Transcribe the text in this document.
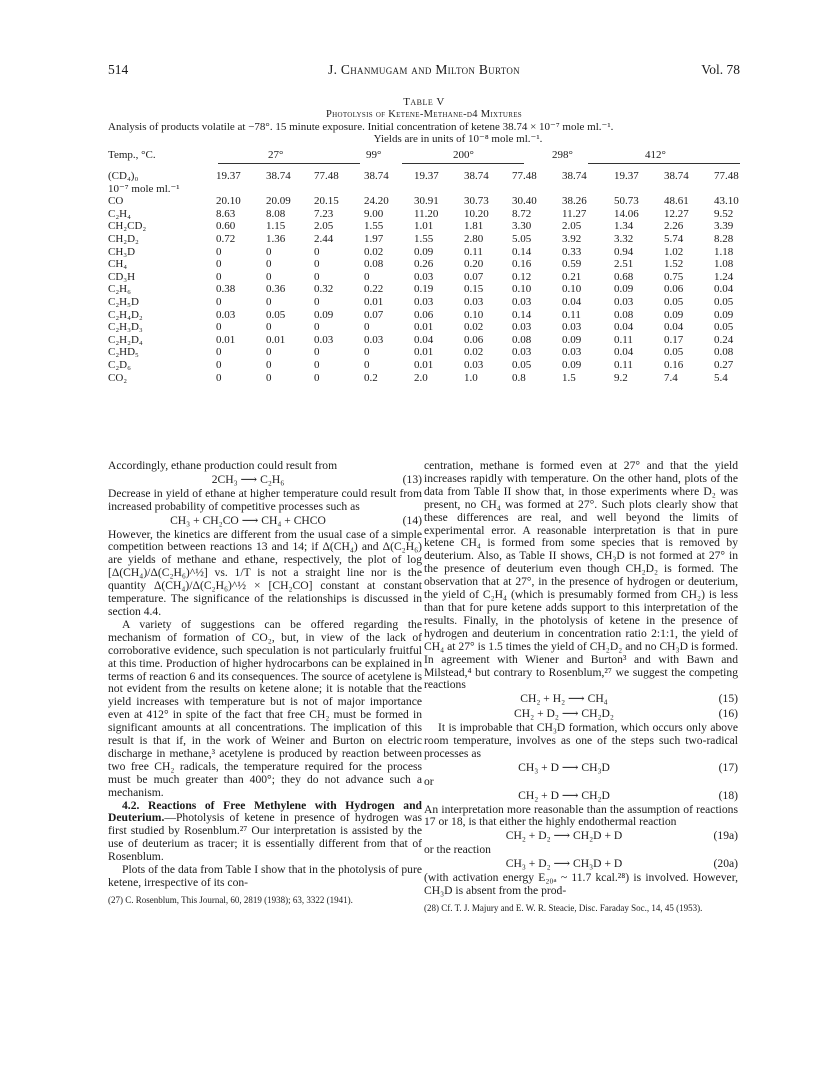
514	J. Chanmugam and Milton Burton	Vol. 78
Table V
Photolysis of Ketene-Methane-d4 Mixtures
Analysis of products volatile at −78°. 15 minute exposure. Initial concentration of ketene 38.74 × 10⁻⁷ mole ml.⁻¹.
Yields are in units of 10⁻⁸ mole ml.⁻¹.
Temp., °C.	27°	99°	200°	298°	412°
(CD₄)₀	19.37	38.74	77.48	38.74	19.37	38.74	77.48	38.74	19.37	38.74	77.48
10⁻⁷ mole ml.⁻¹
CO	20.10	20.09	20.15	24.20	30.91	30.73	30.40	38.26	50.73	48.61	43.10
C₂H₄	8.63	8.08	7.23	9.00	11.20	10.20	8.72	11.27	14.06	12.27	9.52
CH₂CD₂	0.60	1.15	2.05	1.55	1.01	1.81	3.30	2.05	1.34	2.26	3.39
CH₂D₂	0.72	1.36	2.44	1.97	1.55	2.80	5.05	3.92	3.32	5.74	8.28
CH₃D	0	0	0	0.02	0.09	0.11	0.14	0.33	0.94	1.02	1.18
CH₄	0	0	0	0.08	0.26	0.20	0.16	0.59	2.51	1.52	1.08
CD₃H	0	0	0	0	0.03	0.07	0.12	0.21	0.68	0.75	1.24
C₂H₆	0.38	0.36	0.32	0.22	0.19	0.15	0.10	0.10	0.09	0.06	0.04
C₂H₅D	0	0	0	0.01	0.03	0.03	0.03	0.04	0.03	0.05	0.05
C₂H₄D₂	0.03	0.05	0.09	0.07	0.06	0.10	0.14	0.11	0.08	0.09	0.09
C₂H₃D₃	0	0	0	0	0.01	0.02	0.03	0.03	0.04	0.04	0.05
C₂H₂D₄	0.01	0.01	0.03	0.03	0.04	0.06	0.08	0.09	0.11	0.17	0.24
C₂HD₅	0	0	0	0	0.01	0.02	0.03	0.03	0.04	0.05	0.08
C₂D₆	0	0	0	0	0.01	0.03	0.05	0.09	0.11	0.16	0.27
CO₂	0	0	0	0.2	2.0	1.0	0.8	1.5	9.2	7.4	5.4

Accordingly, ethane production could result from

2CH₃ ⟶ C₂H₆	(13)

Decrease in yield of ethane at higher temperature could result from increased probability of competitive processes such as

CH₃ + CH₂CO ⟶ CH₄ + CHCO	(14)

However, the kinetics are different from the usual case of a simple competition between reactions 13 and 14; if Δ(CH₄) and Δ(C₂H₆) are yields of methane and ethane, respectively, the plot of log [Δ(CH₄)/Δ(C₂H₆)^½] vs. 1/T is not a straight line nor is the quantity Δ(CH₄)/Δ(C₂H₆)^½ × [CH₂CO] constant at constant temperature. The significance of the relationships is discussed in section 4.4.

A variety of suggestions can be offered regarding the mechanism of formation of CO₂, but, in view of the lack of corroborative evidence, such speculation is not particularly fruitful at this time. Production of higher hydrocarbons can be explained in terms of reaction 6 and its consequences. The source of acetylene is not evident from the results on ketene alone; it is notable that the yield increases with temperature but is not of major importance even at 412° in spite of the fact that free CH₂ must be formed in significant amounts at all concentrations. The implication of this result is that if, in the work of Weiner and Burton on electric discharge in methane,³ acetylene is produced by reaction between two free CH₂ radicals, the temperature required for the process must be much greater than 400°; they do not advance such a mechanism.

4.2. Reactions of Free Methylene with Hydrogen and Deuterium.—Photolysis of ketene in presence of hydrogen was first studied by Rosenblum.²⁷ Our interpretation is assisted by the use of deuterium as tracer; it is essentially different from that of Rosenblum.

Plots of the data from Table I show that in the photolysis of pure ketene, irrespective of its con-

(27) C. Rosenblum, This Journal, 60, 2819 (1938); 63, 3322 (1941).

centration, methane is formed even at 27° and that the yield increases rapidly with temperature. On the other hand, plots of the data from Table II show that, in those experiments where D₂ was present, no CH₄ was formed at 27°. Such plots clearly show that these differences are real, and well beyond the limits of experimental error. A reasonable interpretation is that in pure ketene CH₄ is formed from some species that is removed by deuterium. Also, as Table II shows, CH₃D is not formed at 27° in the presence of deuterium even though CH₂D₂ is formed. The observation that at 27°, in the presence of hydrogen or deuterium, the yield of C₂H₄ (which is presumably formed from CH₂) is less than that for pure ketene adds support to this interpretation of the results. Finally, in the photolysis of ketene in the presence of hydrogen and deuterium in concentration ratio 2:1:1, the yield of CH₄ at 27° is 1.5 times the yield of CH₂D₂ and no CH₃D is formed. In agreement with Wiener and Burton³ and with Bawn and Milstead,⁴ but contrary to Rosenblum,²⁷ we suggest the competing reactions

CH₂ + H₂ ⟶ CH₄	(15)
CH₂ + D₂ ⟶ CH₂D₂	(16)

It is improbable that CH₃D formation, which occurs only above room temperature, involves as one of the steps such two-radical processes as

CH₃ + D ⟶ CH₃D	(17)

or

CH₂ + D ⟶ CH₂D	(18)

An interpretation more reasonable than the assumption of reactions 17 or 18, is that either the highly endothermal reaction

CH₂ + D₂ ⟶ CH₂D + D	(19a)

or the reaction

CH₃ + D₂ ⟶ CH₃D + D	(20a)

(with activation energy E₂₀ₐ ~ 11.7 kcal.²⁸) is involved. However, CH₃D is absent from the prod-

(28) Cf. T. J. Majury and E. W. R. Steacie, Disc. Faraday Soc., 14, 45 (1953).
